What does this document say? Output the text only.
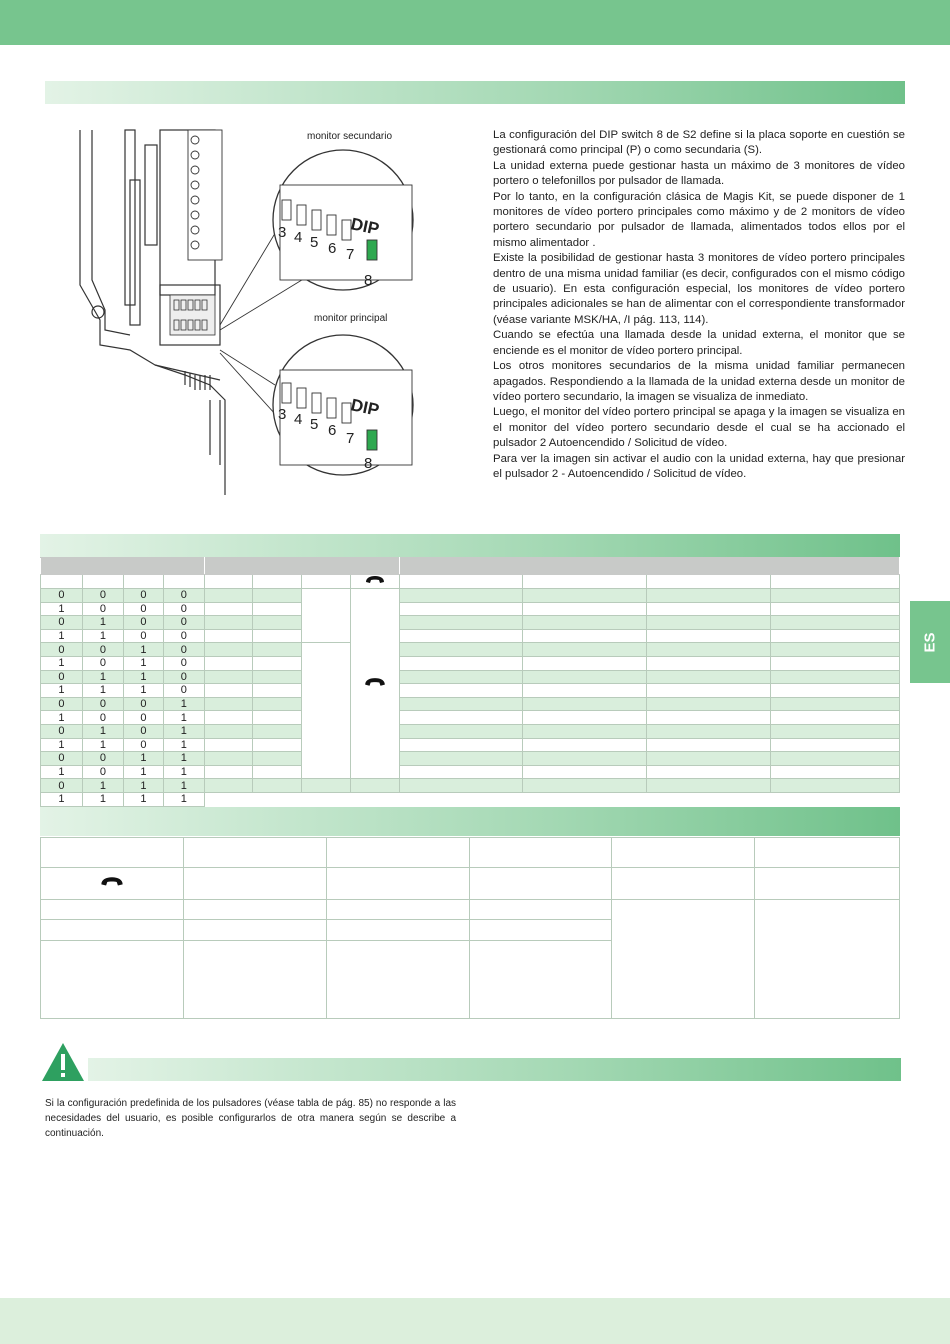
DIP
3 4 5 6 7
8
DIP
3 4 5 6 7
8
monitor secundario
monitor principal

La configuración del DIP switch 8 de S2 define si la placa soporte en cuestión se gestionará como principal (P) o como secundaria (S).

La unidad externa puede gestionar hasta un máximo de 3 monitores de vídeo portero o telefonillos por pulsador de llamada.

Por lo tanto, en la configuración clásica de Magis Kit, se puede disponer de 1 monitores de vídeo portero principales como máximo y de 2 monitors de vídeo portero secundario por pulsador de llamada, alimentados todos ellos por el mismo alimentador .

Existe la posibilidad de gestionar hasta 3 monitores de vídeo portero principales dentro de una misma unidad familiar (es decir, configurados con el mismo código de usuario). En esta configuración especial, los monitores de vídeo portero principales adicionales se han de alimentar con el correspondiente transformador (véase variante MSK/HA, /I pág. 113, 114).

Cuando se efectúa una llamada desde la unidad externa, el monitor que se enciende es el monitor de vídeo portero principal.

Los otros monitores secundarios de la misma unidad familiar permanecen apagados. Respondiendo a la llamada de la unidad externa desde un monitor de vídeo portero secundario, la imagen se visualiza de inmediato.

Luego, el monitor del vídeo portero principal se apaga y la imagen se visualiza en el monitor del vídeo portero secundario desde el cual se ha accionado el pulsador 2 Autoencendido / Solicitud de vídeo.

Para ver la imagen sin activar el audio con la unidad externa, hay que presionar el pulsador 2 - Autoencendido / Solicitud de vídeo.

0	0	0	0								
1	0	0	0								
0	1	0	0								
1	1	0	0								
0	0	1	0								
1	0	1	0								
0	1	1	0								
1	1	1	0								
0	0	0	1								
1	0	0	1								
0	1	0	1								
1	1	0	1								
0	0	1	1								
1	0	1	1								
0	1	1	1								
1	1	1	1								

Si la configuración predefinida de los pulsadores (véase tabla de pág. 85) no responde a las necesidades del usuario, es posible configurarlos de otra manera según se describe a continuación.
ES
